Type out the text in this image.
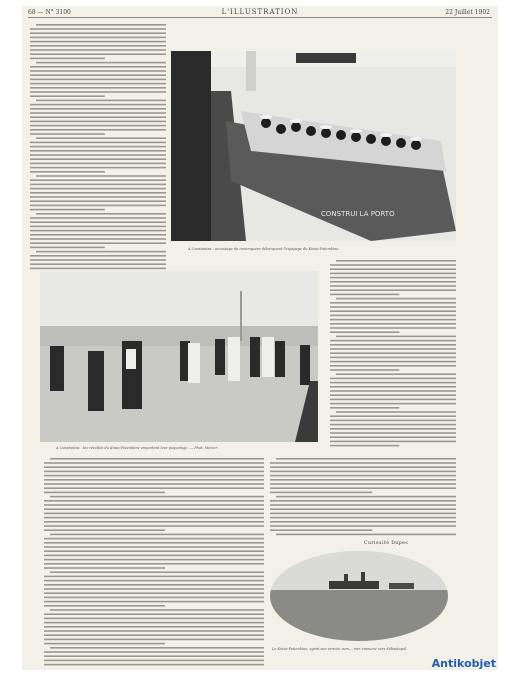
68 — N° 3100	L'ILLUSTRATION	22 Juillet 1902
CONSTRUI LA PORTO
A Constantsa : accostage du remorqueur débarquant l'équipage du Kniaz-Potemkine.
A Constantsa : les révoltés du Kniaz-Potemkine emportant leur paquetage. — Phot. Mecier.
Curiosité Dupes
Le Kniaz-Potemkine, ayant son arrivée vers... mer emmené vers Sébastopol.
Antikobjet
